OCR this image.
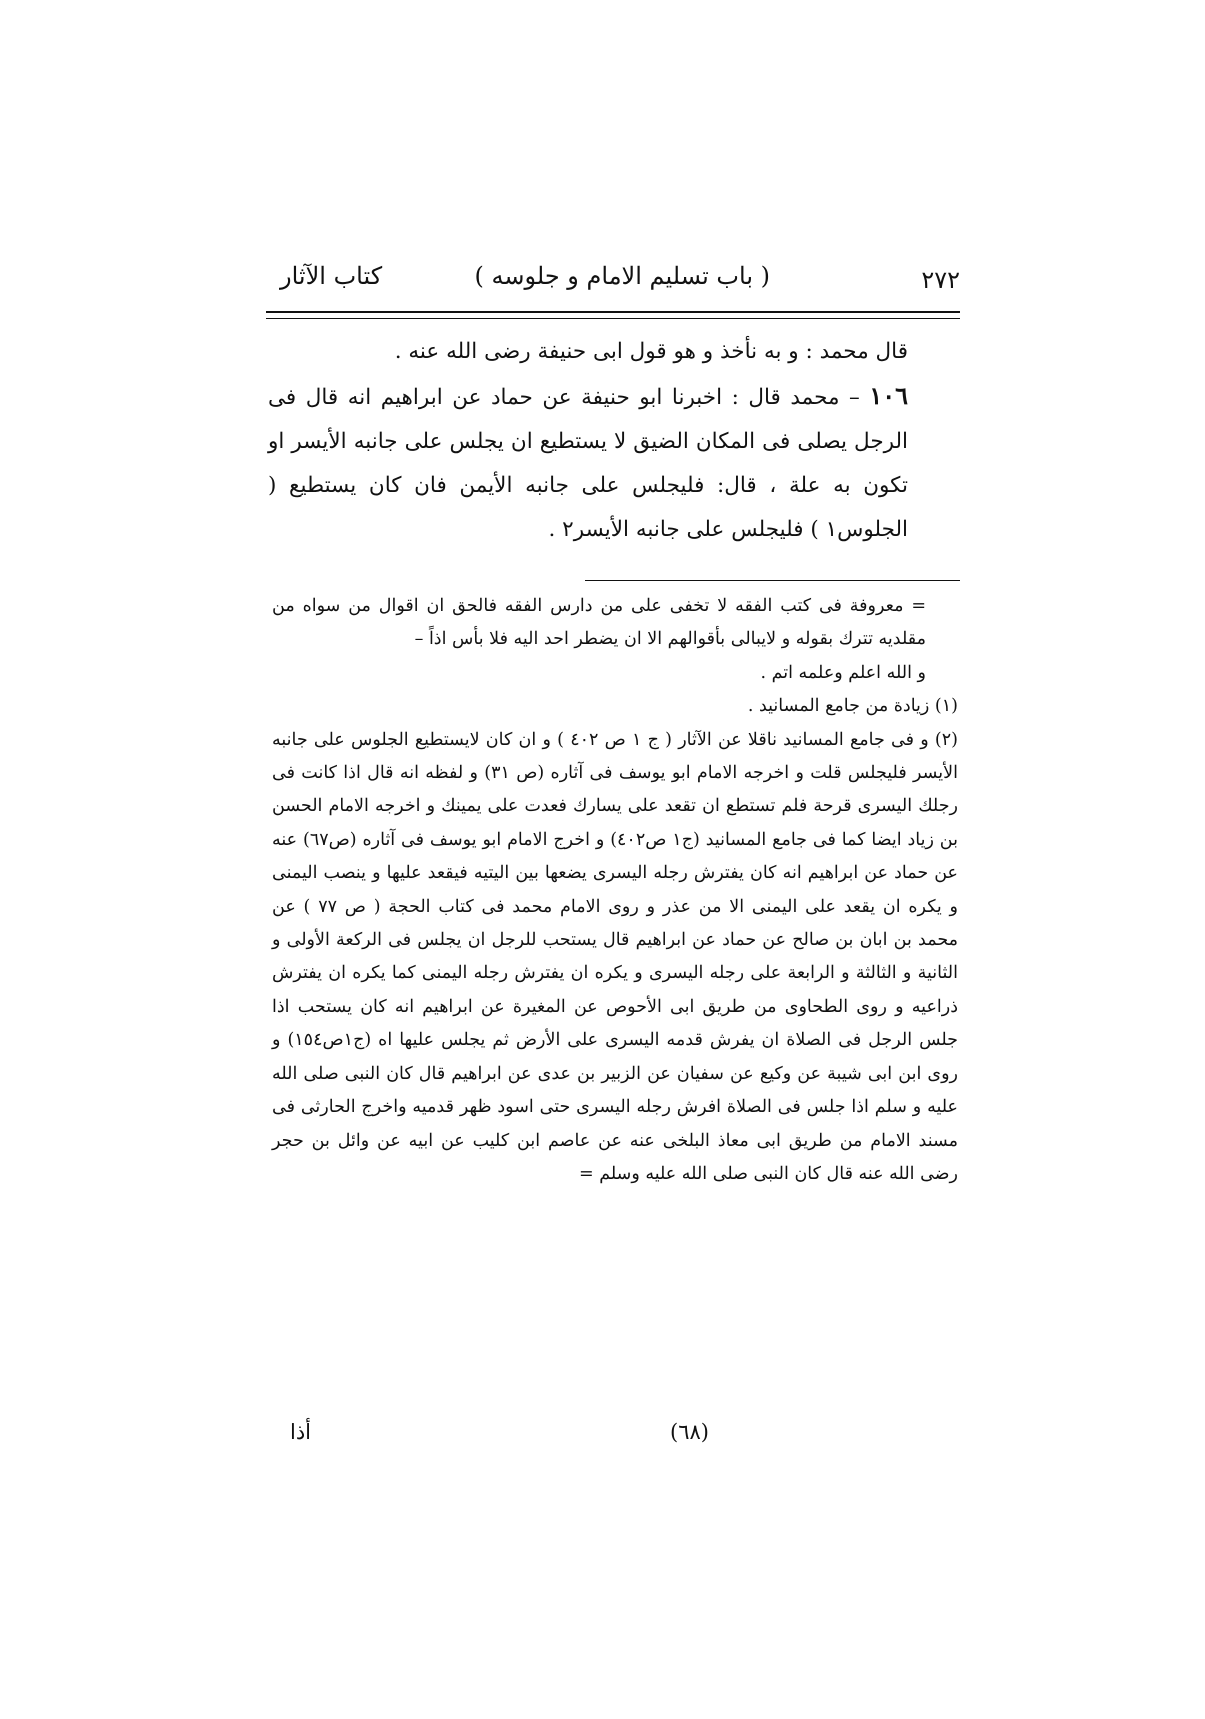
٢٧٢
( باب تسليم الامام و جلوسه )
كتاب الآثار

قال محمد : و به نأخذ و هو قول ابى حنيفة رضى الله عنه .

١٠٦ – محمد قال : اخبرنا ابو حنيفة عن حماد عن ابراهيم انه قال فى الرجل يصلى فى المكان الضيق لا يستطيع ان يجلس على جانبه الأيسر او تكون به علة ، قال: فليجلس على جانبه الأيمن فان كان يستطيع ( الجلوس١ ) فليجلس على جانبه الأيسر٢ .

= معروفة فى كتب الفقه لا تخفى على من دارس الفقه فالحق ان اقوال من سواه من مقلديه تترك بقوله و لايبالى بأقوالهم الا ان يضطر احد اليه فلا بأس اذاً –

و الله اعلم وعلمه اتم .

(١) زيادة من جامع المسانيد .

(٢) و فى جامع المسانيد ناقلا عن الآثار ( ج ١ ص ٤٠٢ ) و ان كان لايستطيع الجلوس على جانبه الأيسر فليجلس قلت و اخرجه الامام ابو يوسف فى آثاره (ص ٣١) و لفظه انه قال اذا كانت فى رجلك اليسرى قرحة فلم تستطع ان تقعد على يسارك فعدت على يمينك و اخرجه الامام الحسن بن زياد ايضا كما فى جامع المسانيد (ج١ ص٤٠٢) و اخرج الامام ابو يوسف فى آثاره (ص٦٧) عنه عن حماد عن ابراهيم انه كان يفترش رجله اليسرى يضعها بين اليتيه فيقعد عليها و ينصب اليمنى و يكره ان يقعد على اليمنى الا من عذر و روى الامام محمد فى كتاب الحجة ( ص ٧٧ ) عن محمد بن ابان بن صالح عن حماد عن ابراهيم قال يستحب للرجل ان يجلس فى الركعة الأولى و الثانية و الثالثة و الرابعة على رجله اليسرى و يكره ان يفترش رجله اليمنى كما يكره ان يفترش ذراعيه و روى الطحاوى من طريق ابى الأحوص عن المغيرة عن ابراهيم انه كان يستحب اذا جلس الرجل فى الصلاة ان يفرش قدمه اليسرى على الأرض ثم يجلس عليها اه (ج١ص١٥٤) و روى ابن ابى شيبة عن وكيع عن سفيان عن الزبير بن عدى عن ابراهيم قال كان النبى صلى الله عليه و سلم اذا جلس فى الصلاة افرش رجله اليسرى حتى اسود ظهر قدميه واخرج الحارثى فى مسند الامام من طريق ابى معاذ البلخى عنه عن عاصم ابن كليب عن ابيه عن وائل بن حجر رضى الله عنه قال كان النبى صلى الله عليه وسلم =

(٦٨)
أذا
